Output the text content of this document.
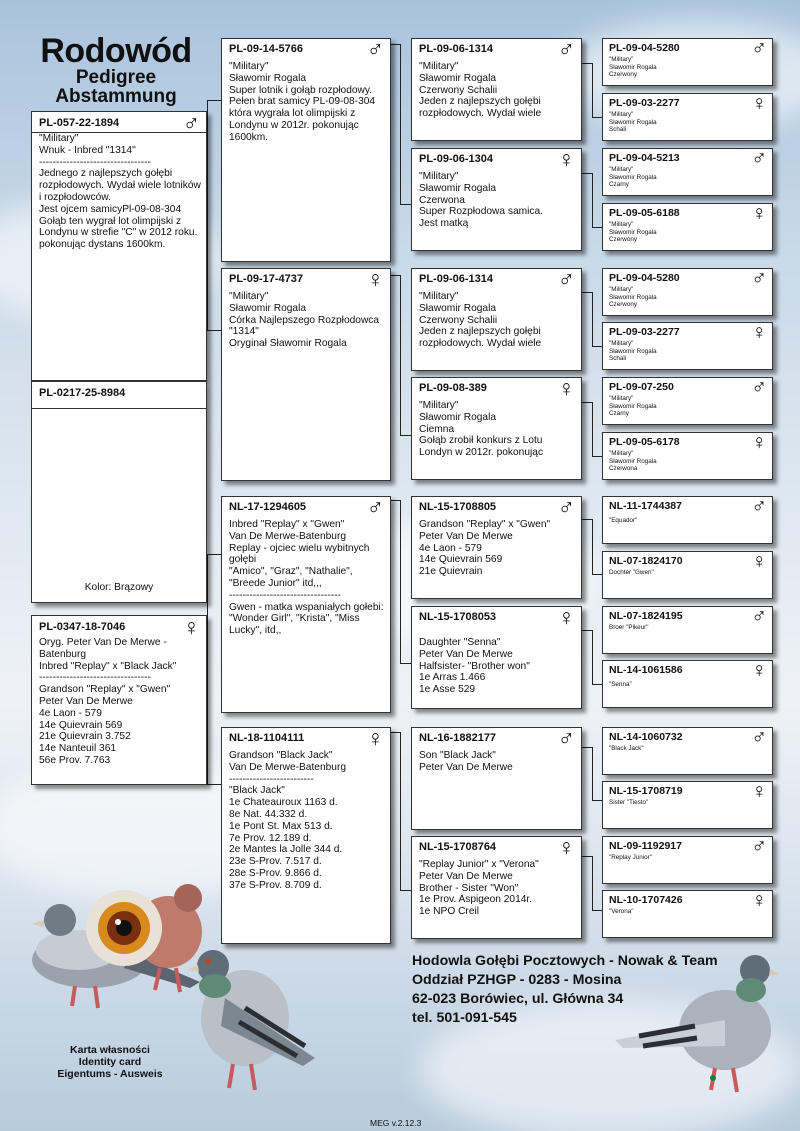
Rodowód
Pedigree
Abstammung
PL-057-22-1894	♂
"Military"
Wnuk - Inbred "1314"
---------------------------------
Jednego z najlepszych gołębi rozpłodowych. Wydał wiele lotników i rozpłodowców.
Jest ojcem samicyPl-09-08-304 Gołąb ten wygrał lot olimpijski z Londynu w strefie "C" w 2012 roku. pokonując dystans 1600km.
PL-0217-25-8984
Kolor: Brązowy
PL-0347-18-7046	♀
Oryg. Peter Van De Merwe - Batenburg
Inbred "Replay" x "Black Jack"
---------------------------------
Grandson "Replay" x "Gwen"
Peter Van De Merwe
4e Laon - 579
14e Quievrain 569
21e Quievrain 3.752
14e Nanteuil 361
56e Prov. 7.763
PL-09-14-5766	♂
"Military"
Sławomir Rogala
Super lotnik i gołąb rozpłodowy.
Pełen brat samicy PL-09-08-304 która wygrała lot olimpijski z Londynu w 2012r. pokonując 1600km.
PL-09-17-4737	♀
"Military"
Sławomir Rogala
Córka Najlepszego Rozpłodowca "1314"
Oryginał Sławomir Rogala
NL-17-1294605	♂
Inbred "Replay" x "Gwen"
Van De Merwe-Batenburg
Replay - ojciec wielu wybitnych gołębi
"Amico", "Graz", "Nathalie", "Breede Junior" itd,,,
---------------------------------
Gwen - matka wspaniałych gołebi: "Wonder Girl", "Krista", "Miss Lucky", itd,,
NL-18-1104111	♀
Grandson "Black Jack"
Van De Merwe-Batenburg
-------------------------
"Black Jack"
1e Chateauroux 1163 d.
8e Nat. 44.332 d.
1e Pont St. Max 513 d.
7e Prov. 12.189 d.
2e Mantes la Jolle 344 d.
23e S-Prov. 7.517 d.
28e S-Prov. 9.866 d.
37e S-Prov. 8.709 d.
PL-09-06-1314	♂
"Military"
Sławomir Rogala
Czerwony Schalii
Jeden z najlepszych gołębi rozpłodowych. Wydał wiele
PL-09-06-1304	♀
"Military"
Sławomir Rogala
Czerwona
Super Rozpłodowa samica.
Jest matką
PL-09-06-1314	♂
"Military"
Sławomir Rogala
Czerwony Schalii
Jeden z najlepszych gołębi rozpłodowych. Wydał wiele
PL-09-08-389	♀
"Military"
Sławomir Rogala
Ciemna
Gołąb zrobił konkurs z Lotu Londyn w 2012r. pokonując
NL-15-1708805	♂
Grandson "Replay" x "Gwen"
Peter Van De Merwe
4e Laon - 579
14e Quievrain 569
21e Quievrain
NL-15-1708053	♀
Daughter "Senna"
Peter Van De Merwe
Halfsister- "Brother won"
1e Arras 1.466
1e Asse 529
NL-16-1882177	♂
Son "Black Jack"
Peter Van De Merwe
NL-15-1708764	♀
"Replay Junior" x "Verona"
Peter Van De Merwe
Brother - Sister "Won"
1e Prov. Aspigeon 2014r.
1e NPO Creil
PL-09-04-5280	♂
"Military"
Sławomir Rogala
Czerwony
PL-09-03-2277	♀
"Military"
Sławomir Rogala
Schali
PL-09-04-5213	♂
"Military"
Sławomir Rogala
Czarny
PL-09-05-6188	♀
"Military"
Sławomir Rogala
Czerwony
PL-09-04-5280	♂
"Military"
Sławomir Rogala
Czerwony
PL-09-03-2277	♀
"Military"
Sławomir Rogala
Schali
PL-09-07-250	♂
"Military"
Sławomir Rogala
Czarny
PL-09-05-6178	♀
"Military"
Sławomir Rogala
Czerwona
NL-11-1744387	♂
"Equador"
NL-07-1824170	♀
Dochter "Gwen"
NL-07-1824195	♂
Broer "Pikeur"
NL-14-1061586	♀
"Senna"
NL-14-1060732	♂
"Black Jack"
NL-15-1708719	♀
Sister "Tiesto"
NL-09-1192917	♂
"Replay Junior"
NL-10-1707426	♀
"Verona"
Hodowla Gołębi Pocztowych - Nowak & Team
Oddział PZHGP - 0283 - Mosina
62-023 Borówiec, ul. Główna 34
tel. 501-091-545
Karta własności
Identity card
Eigentums - Ausweis
MEG v.2.12.3
